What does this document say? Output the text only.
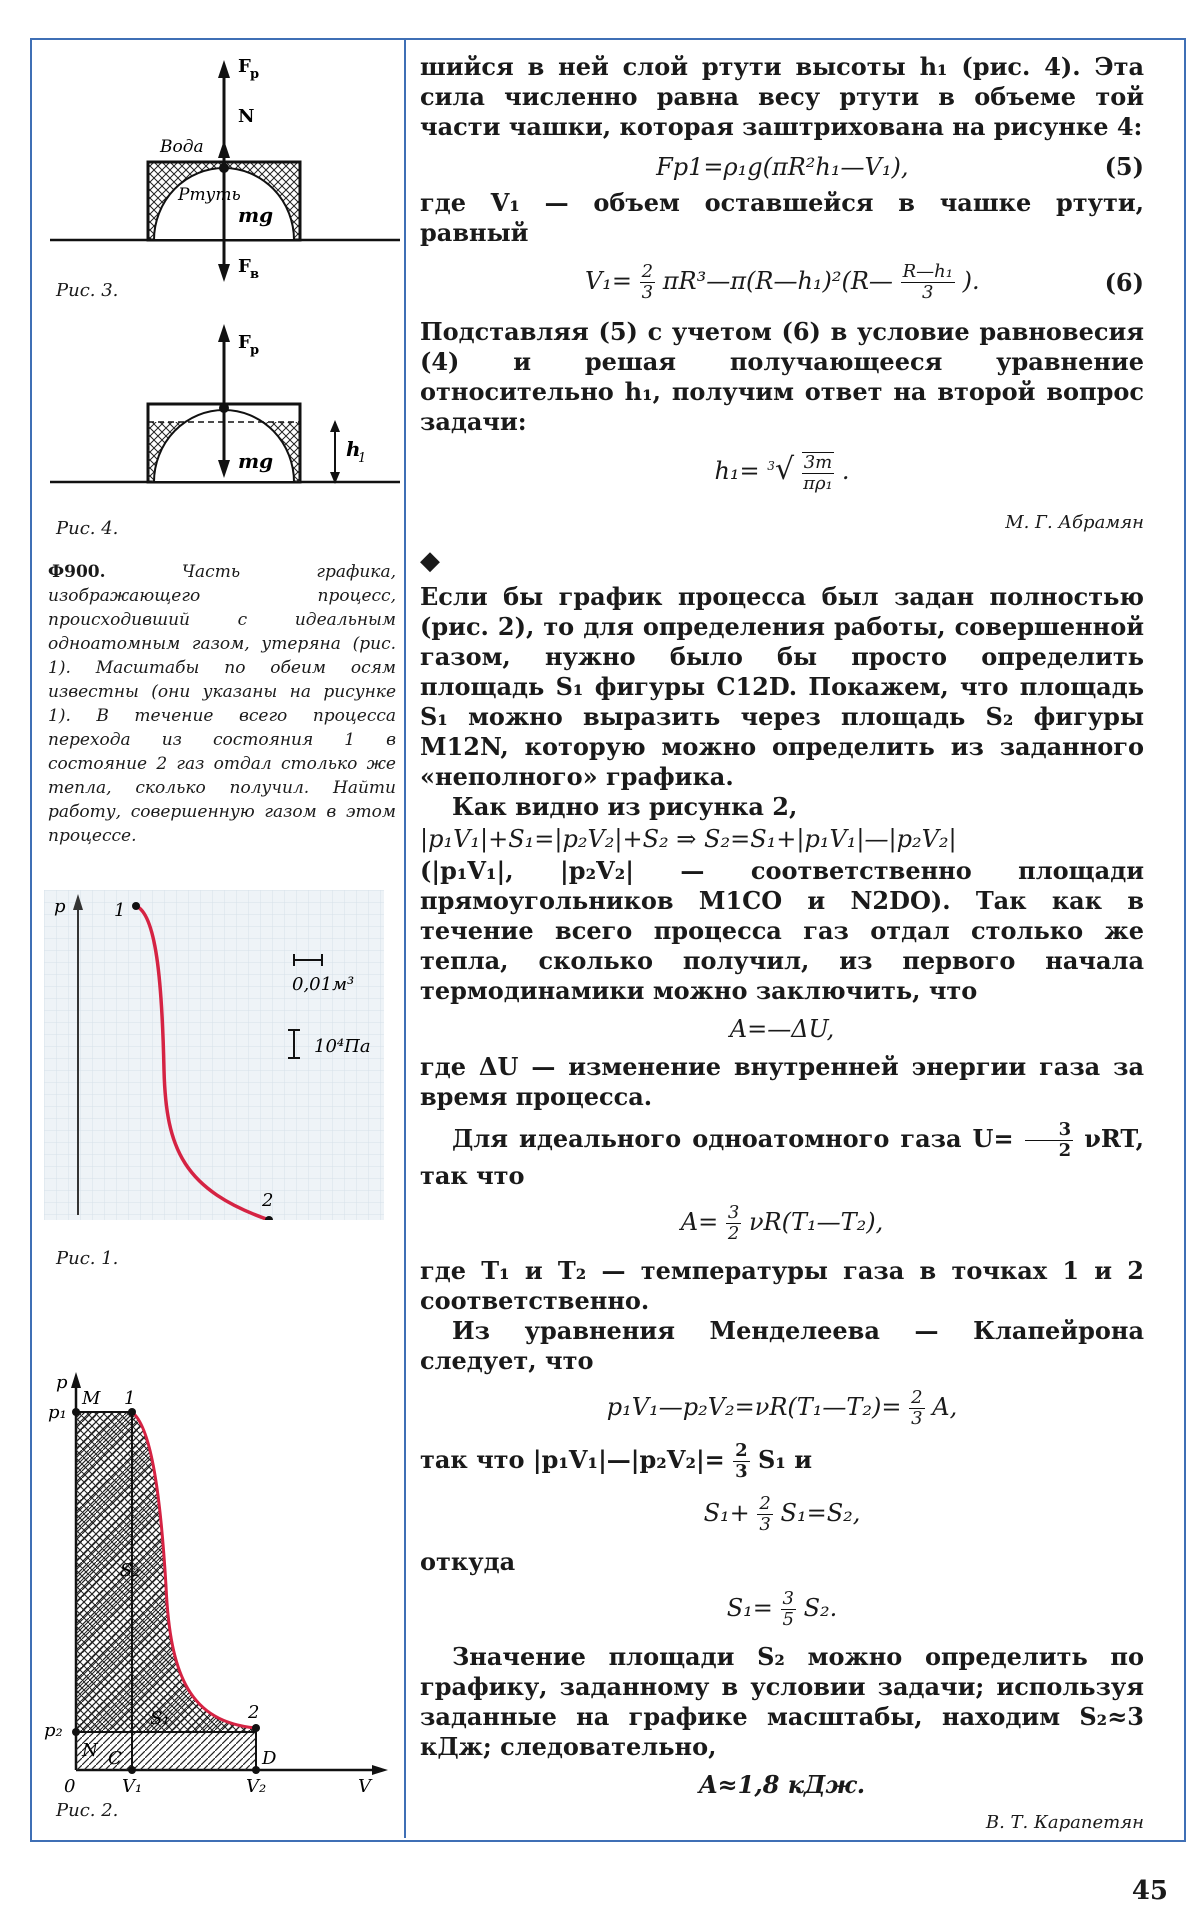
Вода
Ртуть
F р
N
mg
F в
Рис. 3.
F р
mg	h
1
Рис. 4.
Ф900.	Часть графика, изображающего процесс, происходивший с идеальным одноатомным газом, утеряна (рис. 1). Масштабы по обеим осям известны (они указаны на рисунке 1). В течение всего процесса перехода из состояния 1 в состояние 2 газ отдал столько же тепла, сколько получил. Найти работу, совершенную газом в этом процессе.
p	1
2
0,01м³
10⁴Па
Рис. 1.
p
M
p₁
1
S₂
S₁	2
p₂
N C	D
0	V₁	V₂	V
Рис. 2.

шийся в ней слой ртути высоты h₁ (рис. 4). Эта сила численно равна весу ртути в объеме той части чашки, которая заштрихована на рисунке 4:

Fр1=ρ₁g(πR²h₁—V₁),	(5)

где V₁ — объем оставшейся в чашке ртути, равный

$V_1= \frac{2}{3}$ πR³—π(R—h₁)²(R— $\frac{\text{R—h₁}}{3}$ ).	(6)

Подставляя (5) с учетом (6) в условие равновесия (4) и решая получающееся уравнение относительно h₁, получим ответ на второй вопрос задачи:

$h_1= ^3√ \frac{3m}{\text{πρ₁}}$ .
М. Г. Абрамян
◆

Если бы график процесса был задан полностью (рис. 2), то для определения работы, совершенной газом, нужно было бы просто определить площадь S₁ фигуры C12D. Покажем, что площадь S₁ можно выразить через площадь S₂ фигуры M12N, которую можно определить из заданного «неполного» графика.

Как видно из рисунка 2,

|p₁V₁|+S₁=|p₂V₂|+S₂ ⇒ S₂=S₁+|p₁V₁|—|p₂V₂|

(|p₁V₁|, |p₂V₂| — соответственно площади прямоугольников M1CO и N2DO). Так как в течение всего процесса газ отдал столько же тепла, сколько получил, из первого начала термодинамики можно заключить, что

A=—ΔU,

где ΔU — изменение внутренней энергии газа за время процесса.

Для идеального одноатомного газа $U= \frac{3}{2} \nu RT$, так что

$A= \frac{3}{2}$ νR(T₁—T₂),

где T₁ и T₂ — температуры газа в точках 1 и 2 соответственно.

Из уравнения Менделеева — Клапейрона следует, что

p₁V₁—p₂V₂=νR(T₁—T₂)= $\frac{2}{3} A$,

так что |p₁V₁|—|p₂V₂|= $\frac{2}{3} S_1$ и

$S_1+ \frac{2}{3} S_1=S_2$,

откуда

$S_1= \frac{3}{5} S_2$.

Значение площади S₂ можно определить по графику, заданному в условии задачи; используя заданные на графике масштабы, находим S₂≈3 кДж; следовательно,

A≈1,8 кДж.
В. Т. Карапетян
45
